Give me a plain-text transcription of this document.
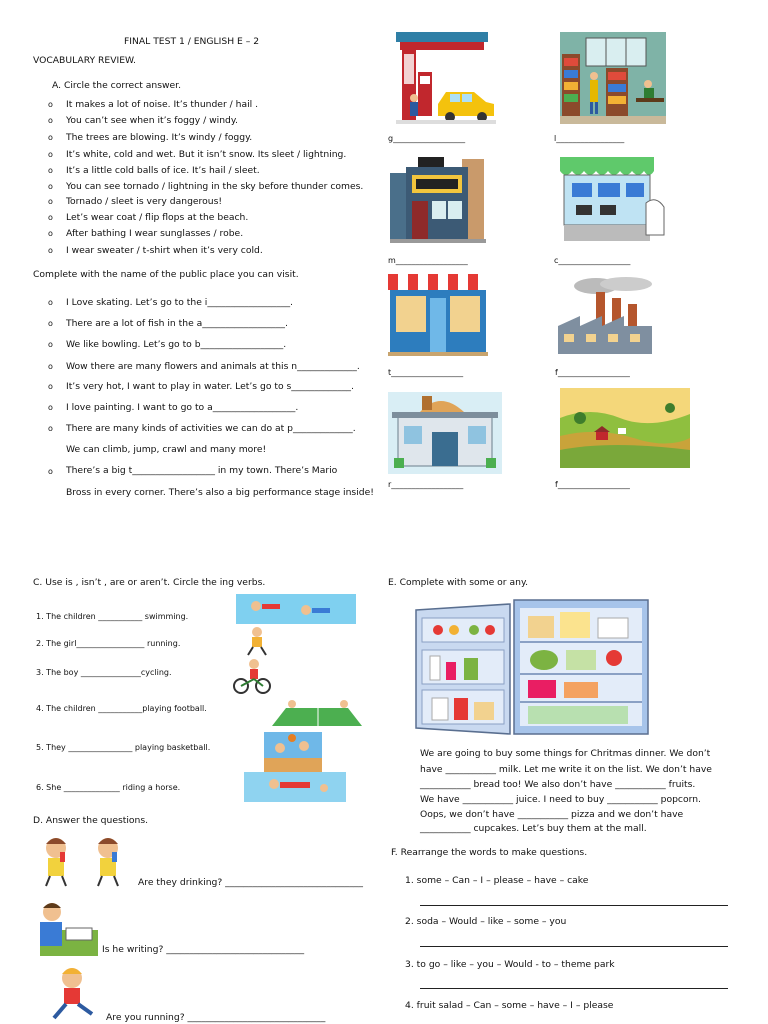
FINAL TEST 1 / ENGLISH E – 2
VOCABULARY REVIEW.
A. Circle the correct answer.
o It makes a lot of noise. It’s thunder / hail .
o You can’t see when it’s foggy / windy.
o The trees are blowing. It’s windy / foggy.
o It’s white, cold and wet. But it isn’t snow. Its sleet / lightning.
o It’s a little cold balls of ice. It’s hail / sleet.
o You can see tornado / lightning in the sky before thunder comes.
o Tornado / sleet is very dangerous!
o Let’s wear coat / flip flops at the beach.
o After bathing I wear sunglasses / robe.
o I wear sweater / t-shirt when it’s very cold.
Complete with the name of the public place you can visit.
o I Love skating. Let’s go to the i__________________.
o There are a lot of fish in the a__________________.
o We like bowling. Let’s go to b__________________.
o Wow there are many flowers and animals at this n_____________.
o It’s very hot, I want to play in water. Let’s go to s_____________.
o I love painting. I want to go to a__________________.
o There are many kinds of activities we can do at p_____________.
We can climb, jump, crawl and many more!
o There’s a big t__________________ in my town. There’s Mario
Bross in every corner. There’s also a big performance stage inside!
g__________________	l_________________
m__________________	c__________________
t__________________	f__________________
r__________________	f__________________
C. Use is , isn’t , are or aren’t. Circle the ing verbs.
1. The children ___________ swimming.
2. The girl_________________ running.
3. The boy _______________cycling.
4. The children ___________playing football.
5. They ________________ playing basketball.
6. She ______________ riding a horse.
D. Answer the questions.
Are they drinking? ______________________________
Is he writing? ______________________________
Are you running? ______________________________
E. Complete with some or any.
We are going to buy some things for Chritmas dinner. We don’t
have ___________ milk. Let me write it on the list. We don’t have
___________ bread too! We also don’t have ___________ fruits.
We have ___________ juice. I need to buy ___________ popcorn.
Oops, we don’t have ___________ pizza and we don’t have
___________ cupcakes. Let’s buy them at the mall.
F. Rearrange the words to make questions.
1. some – Can – I – please – have – cake
2. soda – Would – like – some – you
3. to go – like – you – Would - to – theme park
4. fruit salad – Can – some – have – I – please
